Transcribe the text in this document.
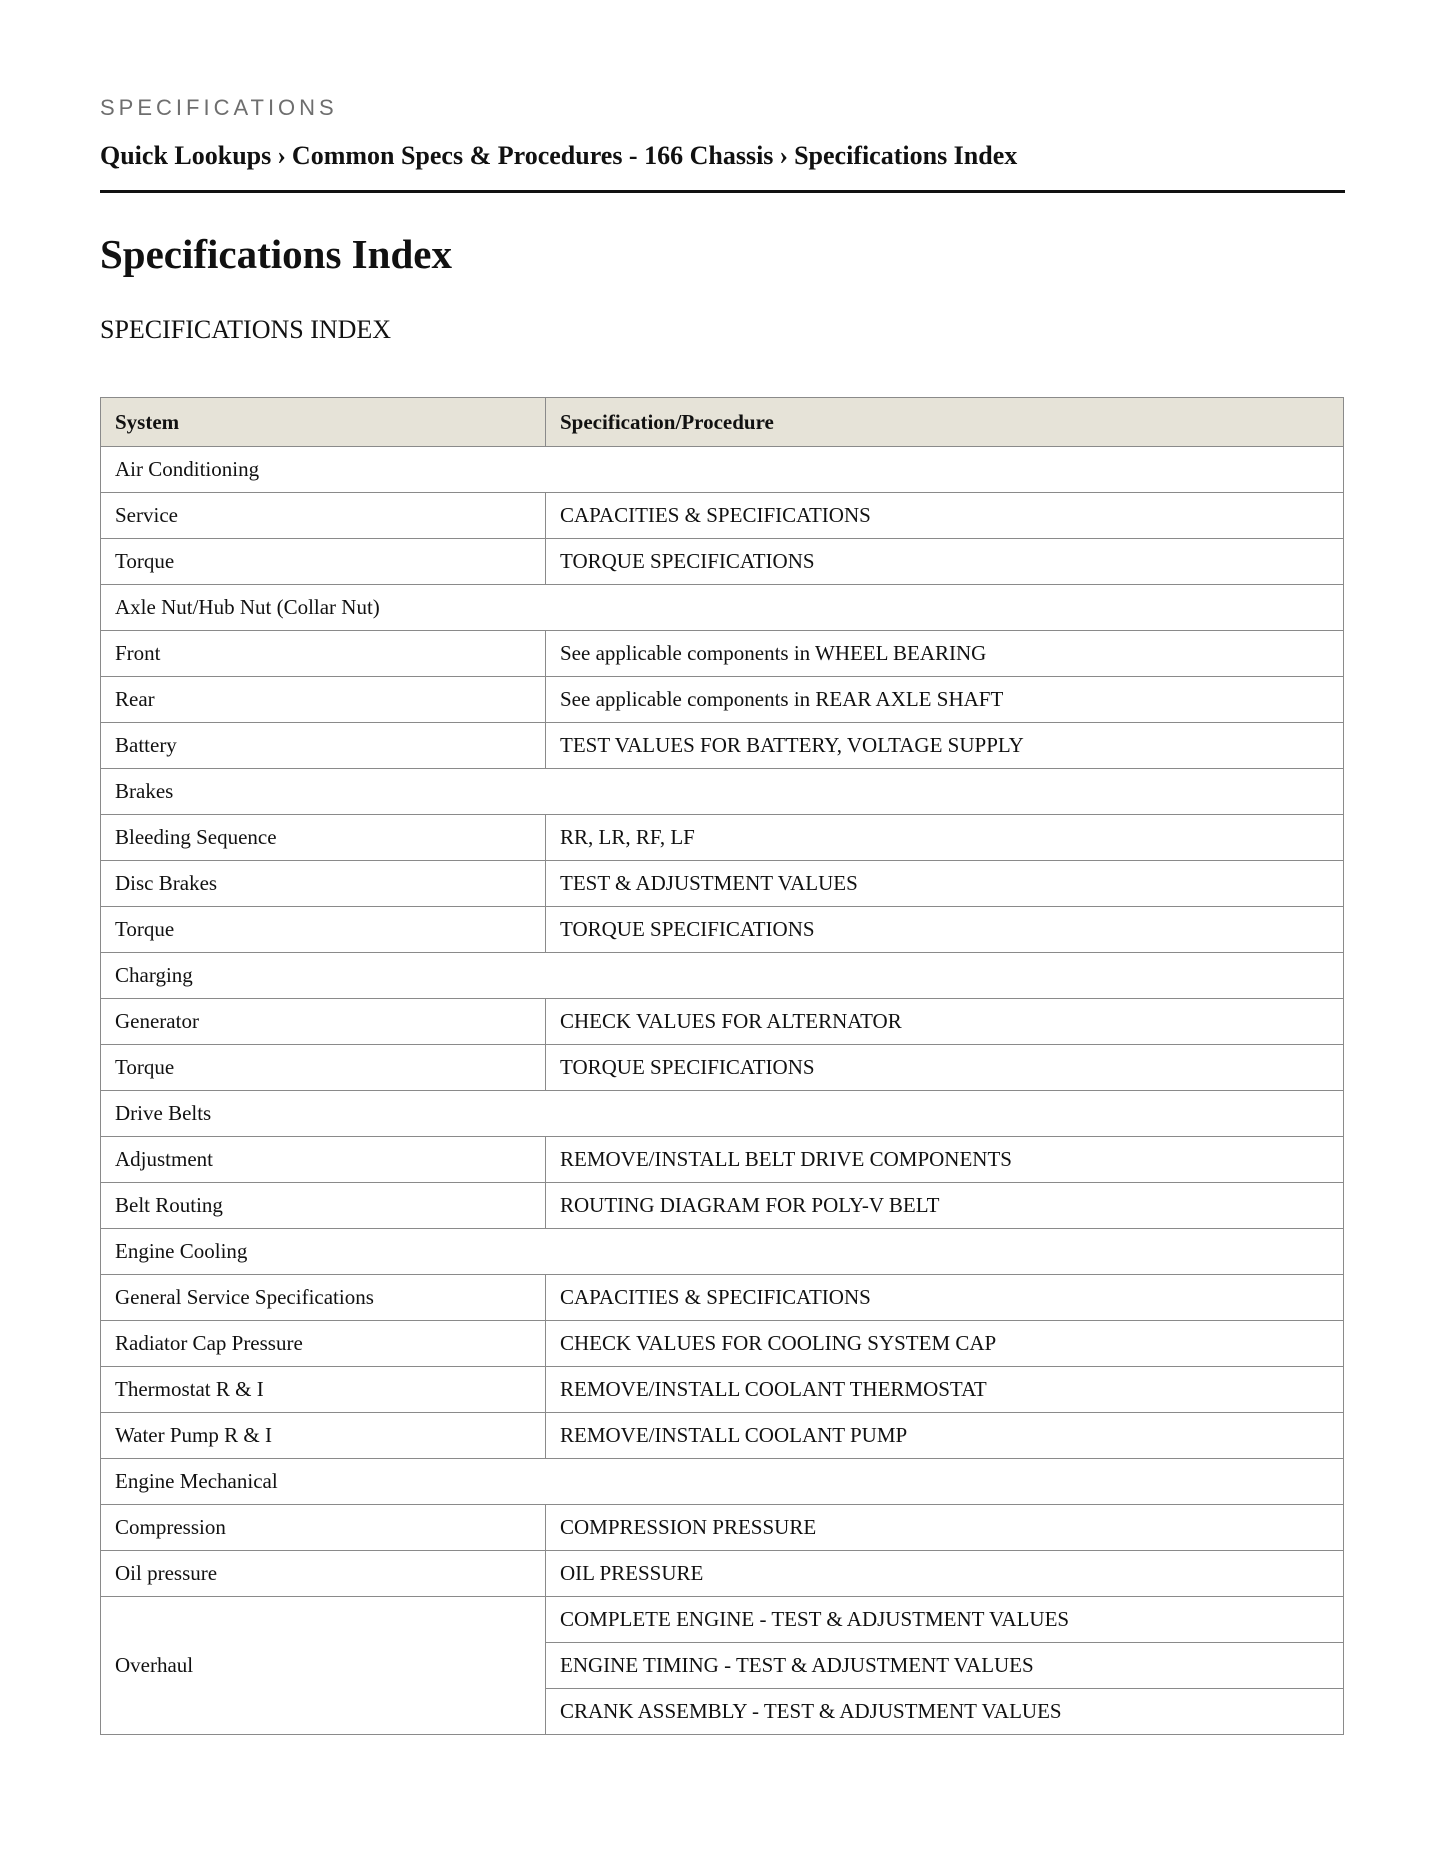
SPECIFICATIONS
Quick Lookups › Common Specs & Procedures - 166 Chassis › Specifications Index
Specifications Index
SPECIFICATIONS INDEX
System	Specification/Procedure
Air Conditioning	
Service	CAPACITIES & SPECIFICATIONS
Torque	TORQUE SPECIFICATIONS
Axle Nut/Hub Nut (Collar Nut)	
Front	See applicable components in WHEEL BEARING
Rear	See applicable components in REAR AXLE SHAFT
Battery	TEST VALUES FOR BATTERY, VOLTAGE SUPPLY
Brakes	
Bleeding Sequence	RR, LR, RF, LF
Disc Brakes	TEST & ADJUSTMENT VALUES
Torque	TORQUE SPECIFICATIONS
Charging	
Generator	CHECK VALUES FOR ALTERNATOR
Torque	TORQUE SPECIFICATIONS
Drive Belts	
Adjustment	REMOVE/INSTALL BELT DRIVE COMPONENTS
Belt Routing	ROUTING DIAGRAM FOR POLY-V BELT
Engine Cooling	
General Service Specifications	CAPACITIES & SPECIFICATIONS
Radiator Cap Pressure	CHECK VALUES FOR COOLING SYSTEM CAP
Thermostat R & I	REMOVE/INSTALL COOLANT THERMOSTAT
Water Pump R & I	REMOVE/INSTALL COOLANT PUMP
Engine Mechanical	
Compression	COMPRESSION PRESSURE
Oil pressure	OIL PRESSURE
Overhaul	COMPLETE ENGINE - TEST & ADJUSTMENT VALUES
	ENGINE TIMING - TEST & ADJUSTMENT VALUES
	CRANK ASSEMBLY - TEST & ADJUSTMENT VALUES
